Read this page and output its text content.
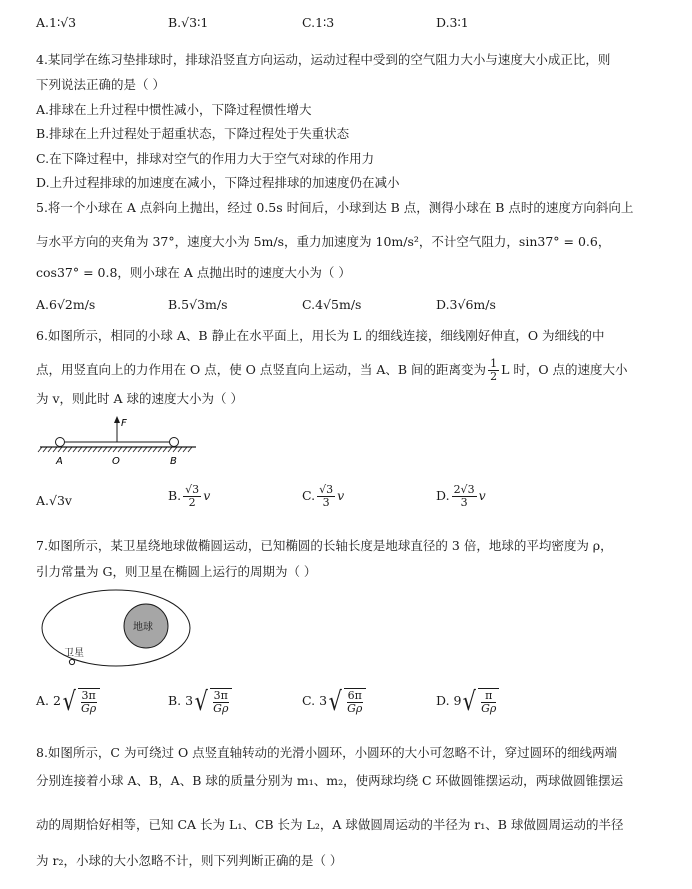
A.1∶√3	B.√3∶1	C.1∶3	D.3∶1
4.某同学在练习垫排球时，排球沿竖直方向运动，运动过程中受到的空气阻力大小与速度大小成正比，则
下列说法正确的是（ ）
A.排球在上升过程中惯性减小，下降过程惯性增大
B.排球在上升过程处于超重状态，下降过程处于失重状态
C.在下降过程中，排球对空气的作用力大于空气对球的作用力
D.上升过程排球的加速度在减小，下降过程排球的加速度仍在减小
5.将一个小球在 A 点斜向上抛出，经过 0.5s 时间后，小球到达 B 点，测得小球在 B 点时的速度方向斜向上
与水平方向的夹角为 37°，速度大小为 5m/s，重力加速度为 10m/s²，不计空气阻力，sin37° = 0.6，
cos37° = 0.8，则小球在 A 点抛出时的速度大小为（ ）
A.6√2m/s	B.5√3m/s	C.4√5m/s	D.3√6m/s
6.如图所示，相同的小球 A、B 静止在水平面上，用长为 L 的细线连接，细线刚好伸直，O 为细线的中
点，用竖直向上的力作用在 O 点，使 O 点竖直向上运动，当 A、B 间的距离变为 $\frac{1}{2}$ L 时，O 点的速度大小
为 v，则此时 A 球的速度大小为（ ）
F
A	O	B
A.√3v	B. $\frac{√3}{2}$ v	C. $\frac{√3}{3}$ v	D. $\frac{2√3}{3}$ v
7.如图所示，某卫星绕地球做椭圆运动，已知椭圆的长轴长度是地球直径的 3 倍，地球的平均密度为 ρ，
引力常量为 G，则卫星在椭圆上运行的周期为（ ）
地球
卫星
A. 2 √ $\frac{3\pi}{G\rho}$	B. 3 √ $\frac{3\pi}{G\rho}$	C. 3 √ $\frac{6\pi}{G\rho}$	D. 9 √ $\frac{\pi}{G\rho}$
8.如图所示，C 为可绕过 O 点竖直轴转动的光滑小圆环，小圆环的大小可忽略不计，穿过圆环的细线两端
分别连接着小球 A、B，A、B 球的质量分别为 m₁、m₂，使两球均绕 C 环做圆锥摆运动，两球做圆锥摆运
动的周期恰好相等，已知 CA 长为 L₁、CB 长为 L₂，A 球做圆周运动的半径为 r₁、B 球做圆周运动的半径
为 r₂，小球的大小忽略不计，则下列判断正确的是（ ）
